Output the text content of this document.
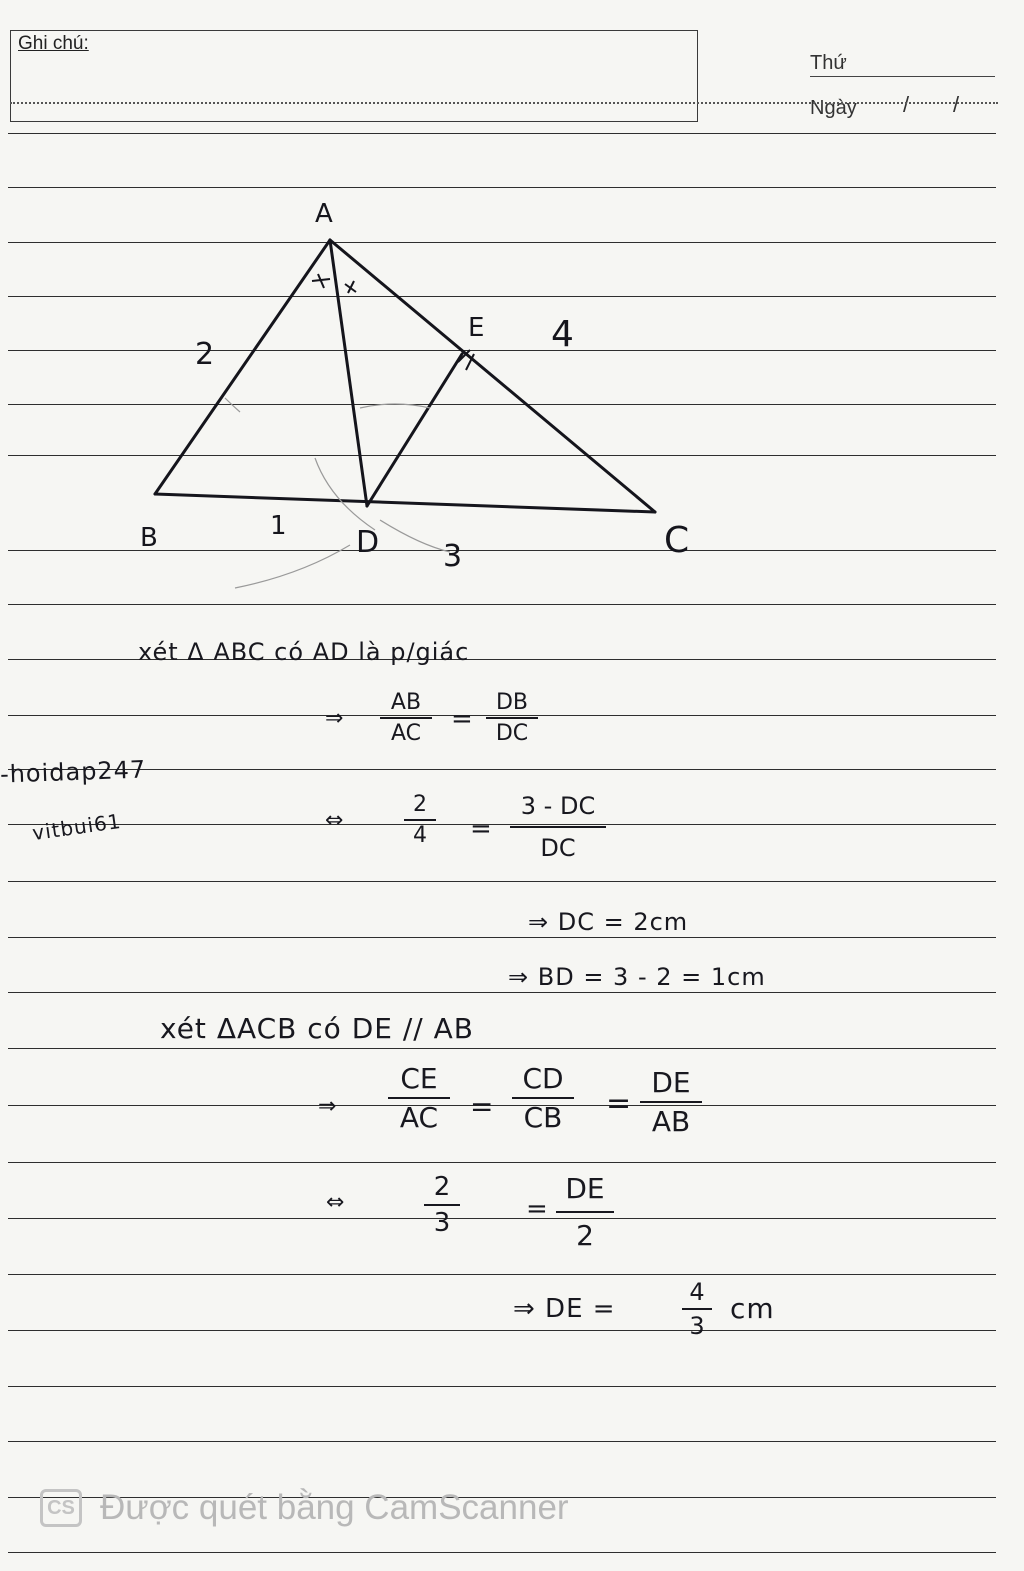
Ghi chú:
Thứ
Ngày / /
A
B	C
D
E
2	4
1
3
xét Δ ABC có AD là p/giác
⇒
AB
AC	=
DB
DC
⇔
2
4	=
3 - DC
DC
⇒ DC = 2cm
⇒ BD = 3 - 2 = 1cm
xét ΔACB có DE // AB
⇒
CE
AC	=
CD
CB	=
DE
AB
⇔
2
3	=
DE
2
⇒ DE =
4
3
cm
-hoidap247
vitbui61
CS Được quét bằng CamScanner
